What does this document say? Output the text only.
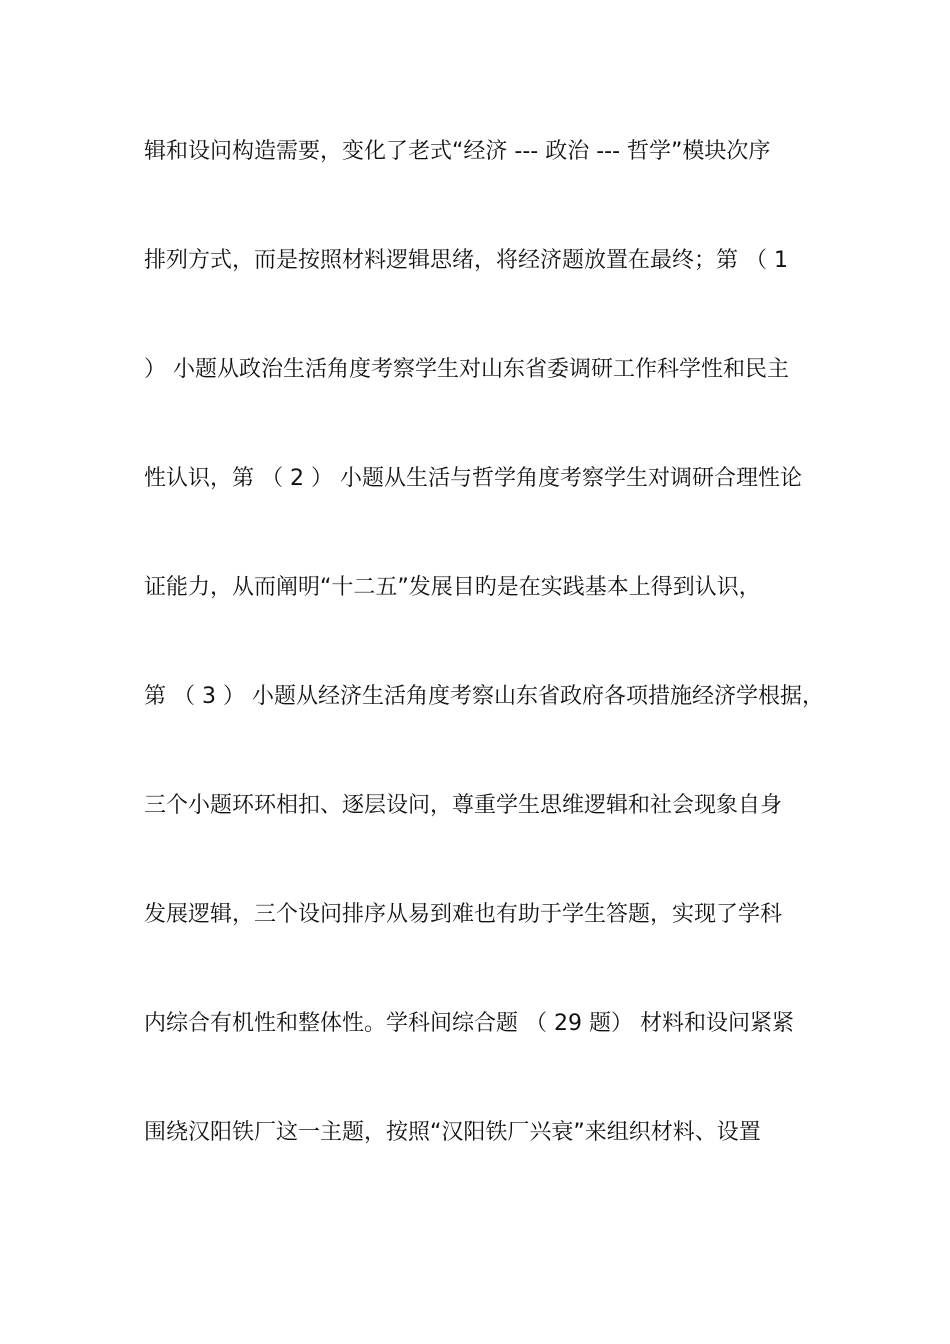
辑和设问构造需要，变化了老式“经济 --- 政治 --- 哲学”模块次序
排列方式，而是按照材料逻辑思绪，将经济题放置在最终；第 （ 1
） 小题从政治生活角度考察学生对山东省委调研工作科学性和民主
性认识，第 （ 2 ） 小题从生活与哲学角度考察学生对调研合理性论
证能力，从而阐明“十二五”发展目旳是在实践基本上得到认识，
第 （ 3 ） 小题从经济生活角度考察山东省政府各项措施经济学根据，
三个小题环环相扣、逐层设问，尊重学生思维逻辑和社会现象自身
发展逻辑，三个设问排序从易到难也有助于学生答题，实现了学科
内综合有机性和整体性。学科间综合题 （ 29 题） 材料和设问紧紧
围绕汉阳铁厂这一主题，按照“汉阳铁厂兴衰”来组织材料、设置
